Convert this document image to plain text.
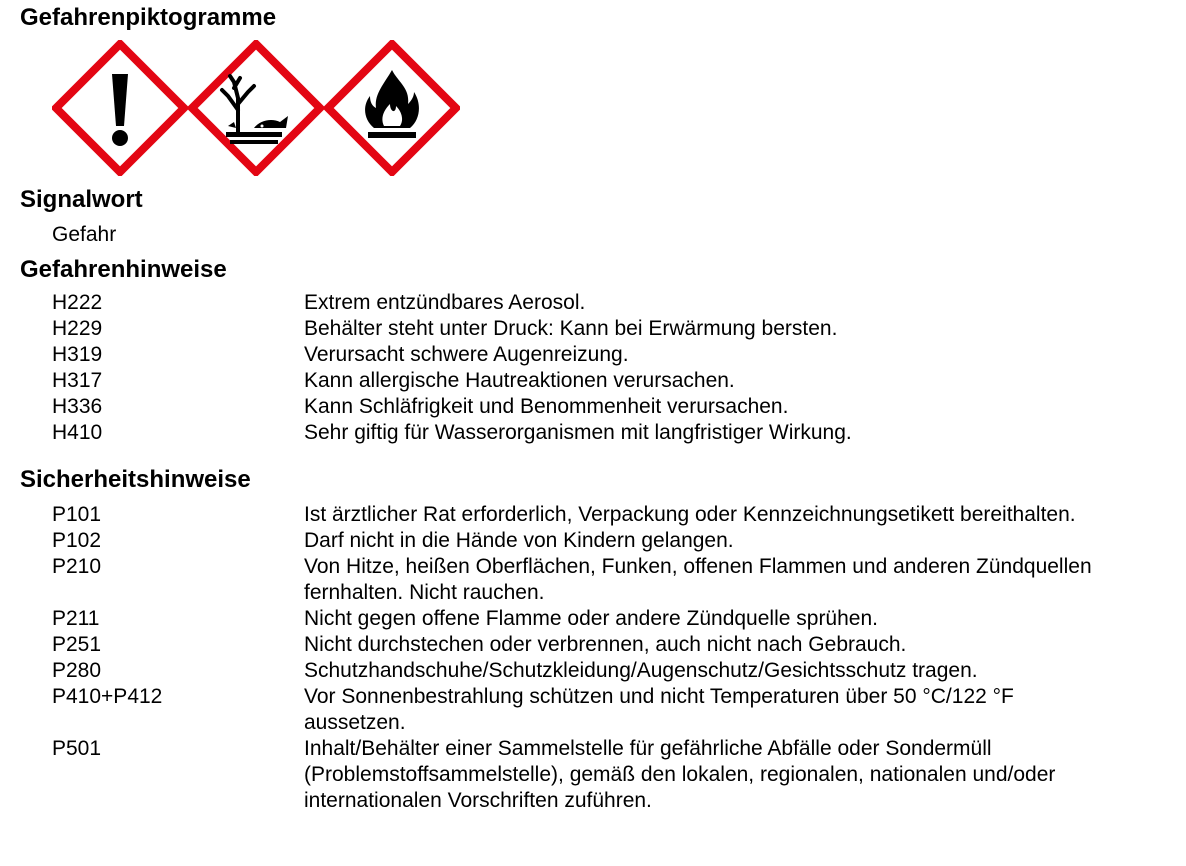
Gefahrenpiktogramme
Signalwort
Gefahr
Gefahrenhinweise
H222	Extrem entzündbares Aerosol.
H229	Behälter steht unter Druck: Kann bei Erwärmung bersten.
H319	Verursacht schwere Augenreizung.
H317	Kann allergische Hautreaktionen verursachen.
H336	Kann Schläfrigkeit und Benommenheit verursachen.
H410	Sehr giftig für Wasserorganismen mit langfristiger Wirkung.
Sicherheitshinweise
P101	Ist ärztlicher Rat erforderlich, Verpackung oder Kennzeichnungsetikett bereithalten.
P102	Darf nicht in die Hände von Kindern gelangen.
P210	Von Hitze, heißen Oberflächen, Funken, offenen Flammen und anderen Zündquellen fernhalten. Nicht rauchen.
P211	Nicht gegen offene Flamme oder andere Zündquelle sprühen.
P251	Nicht durchstechen oder verbrennen, auch nicht nach Gebrauch.
P280	Schutzhandschuhe/Schutzkleidung/Augenschutz/Gesichtsschutz tragen.
P410+P412	Vor Sonnenbestrahlung schützen und nicht Temperaturen über 50 °C/122 °F aussetzen.
P501	Inhalt/Behälter einer Sammelstelle für gefährliche Abfälle oder Sondermüll (Problemstoffsammelstelle), gemäß den lokalen, regionalen, nationalen und/oder internationalen Vorschriften zuführen.
